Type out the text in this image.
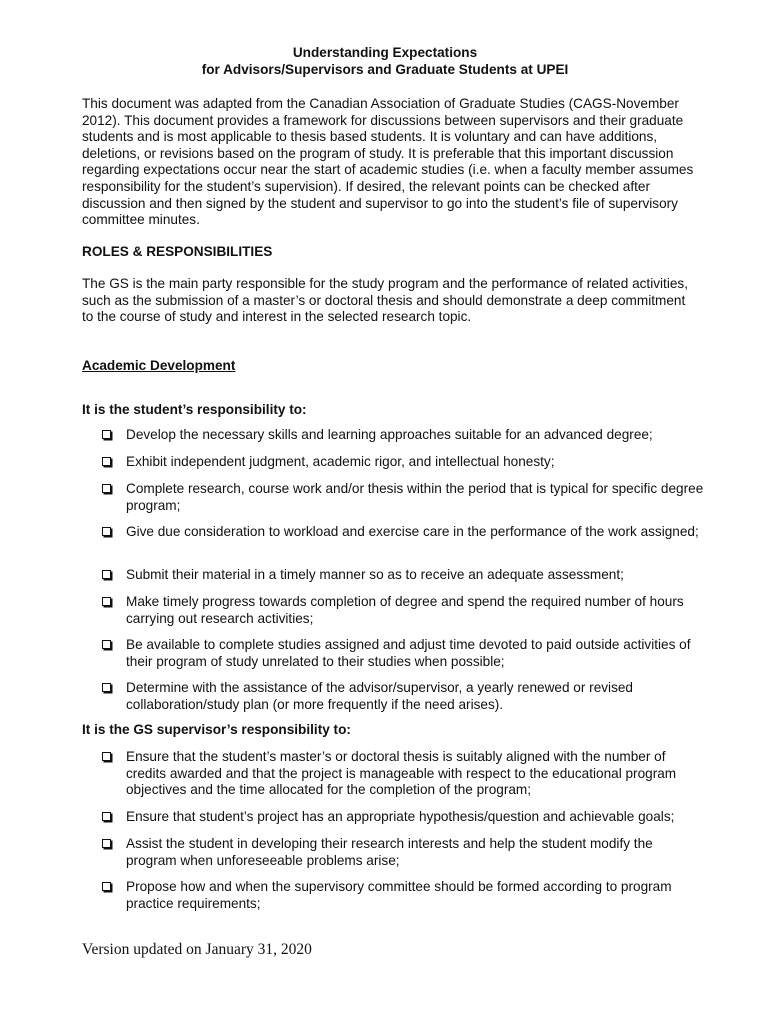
Understanding Expectations
for Advisors/Supervisors and Graduate Students at UPEI
This document was adapted from the Canadian Association of Graduate Studies (CAGS-November 2012). This document provides a framework for discussions between supervisors and their graduate students and is most applicable to thesis based students. It is voluntary and can have additions, deletions, or revisions based on the program of study. It is preferable that this important discussion regarding expectations occur near the start of academic studies (i.e. when a faculty member assumes responsibility for the student’s supervision). If desired, the relevant points can be checked after discussion and then signed by the student and supervisor to go into the student’s file of supervisory committee minutes.
ROLES & RESPONSIBILITIES
The GS is the main party responsible for the study program and the performance of related activities, such as the submission of a master’s or doctoral thesis and should demonstrate a deep commitment to the course of study and interest in the selected research topic.
Academic Development
It is the student’s responsibility to:
Develop the necessary skills and learning approaches suitable for an advanced degree;
Exhibit independent judgment, academic rigor, and intellectual honesty;
Complete research, course work and/or thesis within the period that is typical for specific degree program;
Give due consideration to workload and exercise care in the performance of the work assigned;
Submit their material in a timely manner so as to receive an adequate assessment;
Make timely progress towards completion of degree and spend the required number of hours carrying out research activities;
Be available to complete studies assigned and adjust time devoted to paid outside activities of their program of study unrelated to their studies when possible;
Determine with the assistance of the advisor/supervisor, a yearly renewed or revised collaboration/study plan (or more frequently if the need arises).
It is the GS supervisor’s responsibility to:
Ensure that the student’s master’s or doctoral thesis is suitably aligned with the number of credits awarded and that the project is manageable with respect to the educational program objectives and the time allocated for the completion of the program;
Ensure that student’s project has an appropriate hypothesis/question and achievable goals;
Assist the student in developing their research interests and help the student modify the program when unforeseeable problems arise;
Propose how and when the supervisory committee should be formed according to program practice requirements;
Version updated on January 31, 2020
